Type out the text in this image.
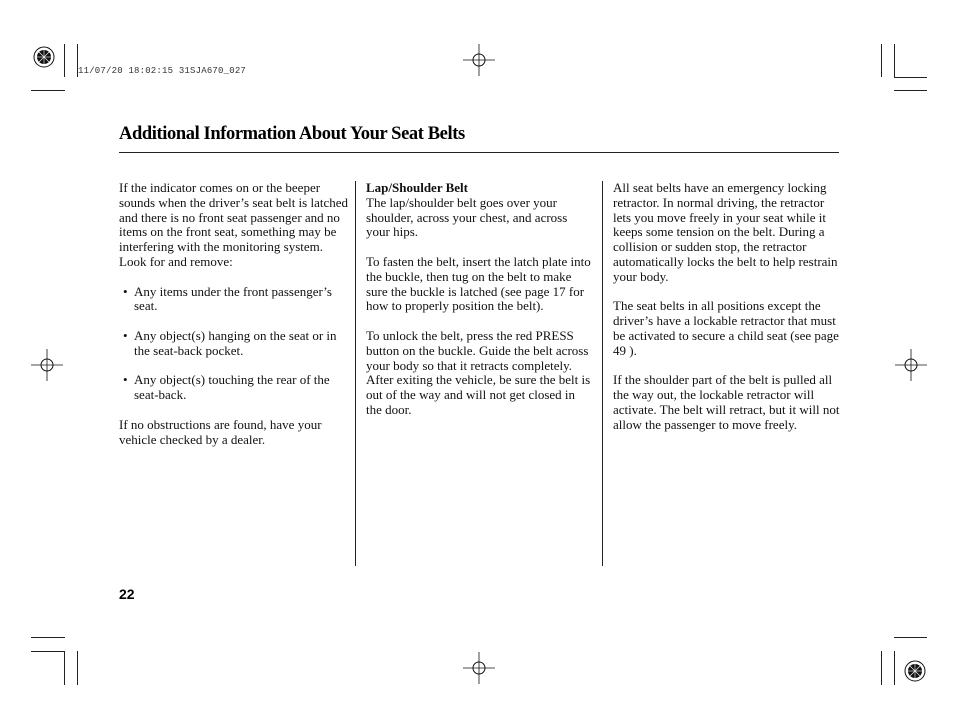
11/07/20 18:02:15 31SJA670_027
Additional Information About Your Seat Belts

If the indicator comes on or the beeper sounds when the driver’s seat belt is latched and there is no front seat passenger and no items on the front seat, something may be interfering with the monitoring system. Look for and remove:

• Any items under the front passenger’s seat.
• Any object(s) hanging on the seat or in the seat-back pocket.
• Any object(s) touching the rear of the seat-back.

If no obstructions are found, have your vehicle checked by a dealer.

Lap/Shoulder Belt
The lap/shoulder belt goes over your shoulder, across your chest, and across your hips.

To fasten the belt, insert the latch plate into the buckle, then tug on the belt to make sure the buckle is latched (see page 17 for how to properly position the belt).

To unlock the belt, press the red PRESS button on the buckle. Guide the belt across your body so that it retracts completely. After exiting the vehicle, be sure the belt is out of the way and will not get closed in the door.

All seat belts have an emergency locking retractor. In normal driving, the retractor lets you move freely in your seat while it keeps some tension on the belt. During a collision or sudden stop, the retractor automatically locks the belt to help restrain your body.

The seat belts in all positions except the driver’s have a lockable retractor that must be activated to secure a child seat (see page 49 ).

If the shoulder part of the belt is pulled all the way out, the lockable retractor will activate. The belt will retract, but it will not allow the passenger to move freely.

22
